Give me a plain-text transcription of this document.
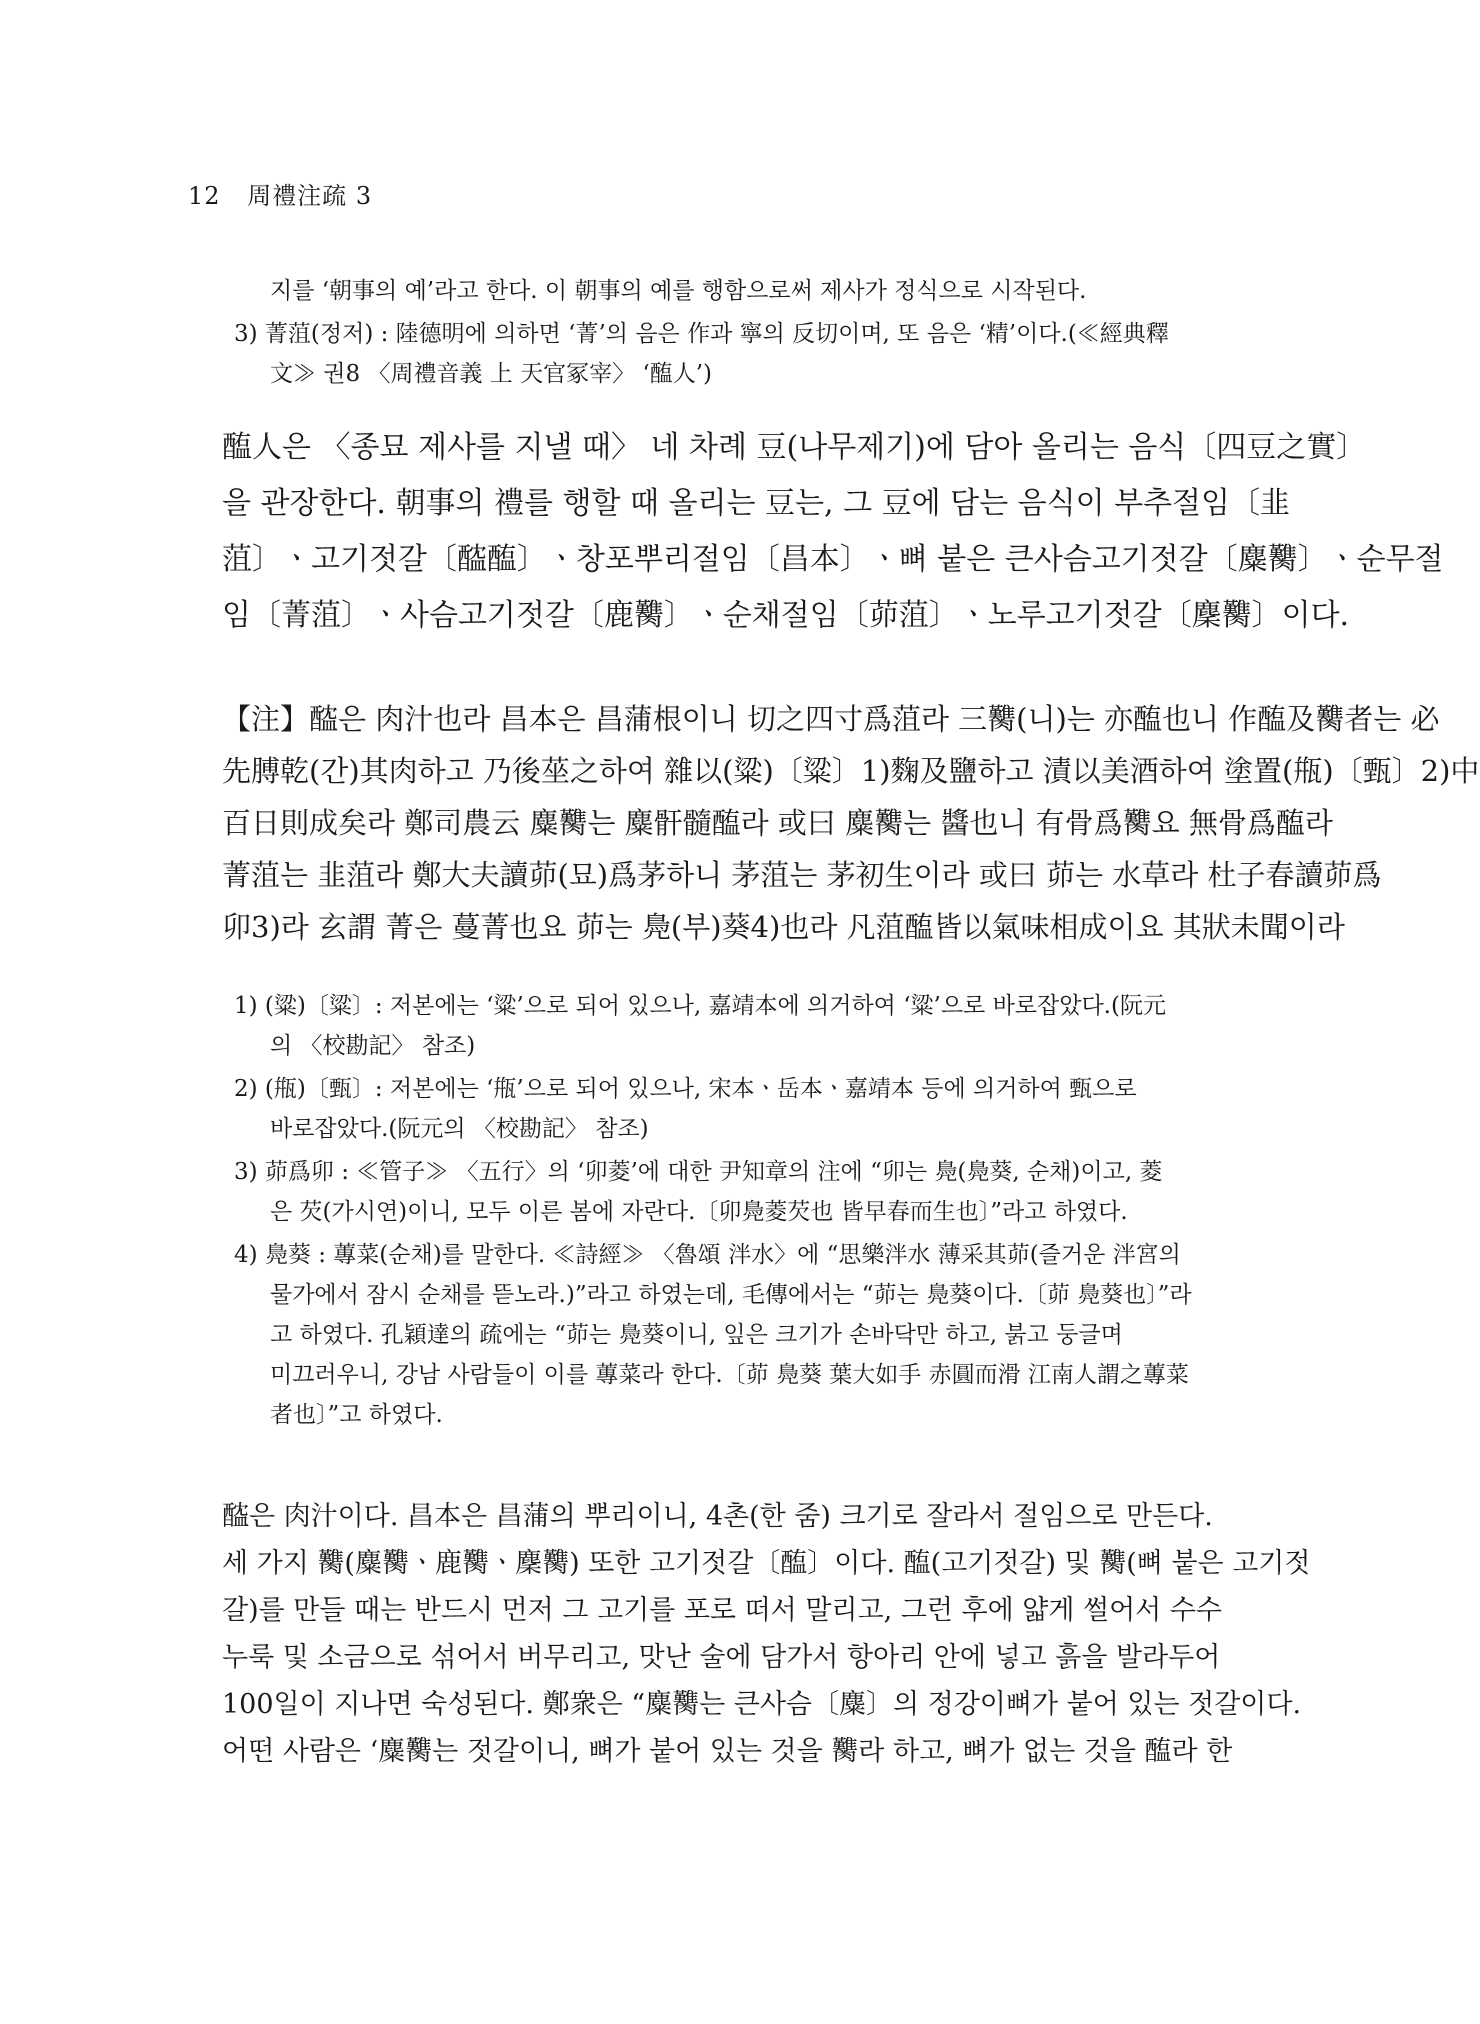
12 周禮注疏 3
지를 ‘朝事의 예’라고 한다. 이 朝事의 예를 행함으로써 제사가 정식으로 시작된다.
3) 菁菹(정저) : 陸德明에 의하면 ‘菁’의 음은 作과 寧의 反切이며, 또 음은 ‘精’이다.(≪經典釋
文≫ 권8 〈周禮音義 上 天官冢宰〉 ‘醢人’)
醢人은 〈종묘 제사를 지낼 때〉 네 차례 豆(나무제기)에 담아 올리는 음식〔四豆之實〕
을 관장한다. 朝事의 禮를 행할 때 올리는 豆는, 그 豆에 담는 음식이 부추절임〔韭
菹〕ㆍ고기젓갈〔醓醢〕ㆍ창포뿌리절임〔昌本〕ㆍ뼈 붙은 큰사슴고기젓갈〔麋臡〕ㆍ순무절
임〔菁菹〕ㆍ사슴고기젓갈〔鹿臡〕ㆍ순채절임〔茆菹〕ㆍ노루고기젓갈〔麇臡〕이다.
【注】醓은 肉汁也라 昌本은 昌蒲根이니 切之四寸爲菹라 三臡(니)는 亦醢也니 作醢及臡者는 必
先膊乾(간)其肉하고 乃後莝之하여 雜以(粱)〔粱〕1)麴及鹽하고 漬以美酒하여 塗置(甁)〔甄〕2)中
百日則成矣라 鄭司農云 麋臡는 麋骭髓醢라 或曰 麋臡는 醬也니 有骨爲臡요 無骨爲醢라
菁菹는 韭菹라 鄭大夫讀茆(묘)爲茅하니 茅菹는 茅初生이라 或曰 茆는 水草라 杜子春讀茆爲
卯3)라 玄謂 菁은 蔓菁也요 茆는 鳧(부)葵4)也라 凡菹醢皆以氣味相成이요 其狀未聞이라
1) (粱)〔粱〕: 저본에는 ‘粱’으로 되어 있으나, 嘉靖本에 의거하여 ‘粱’으로 바로잡았다.(阮元
의 〈校勘記〉 참조)
2) (甁)〔甄〕: 저본에는 ‘甁’으로 되어 있으나, 宋本ㆍ岳本ㆍ嘉靖本 등에 의거하여 甄으로
바로잡았다.(阮元의 〈校勘記〉 참조)
3) 茆爲卯 : ≪管子≫ 〈五行〉의 ‘卯菱’에 대한 尹知章의 注에 “卯는 鳧(鳧葵, 순채)이고, 菱
은 芡(가시연)이니, 모두 이른 봄에 자란다.〔卯鳧菱芡也 皆早春而生也〕”라고 하였다.
4) 鳧葵 : 蓴菜(순채)를 말한다. ≪詩經≫ 〈魯頌 泮水〉에 “思樂泮水 薄采其茆(즐거운 泮宮의
물가에서 잠시 순채를 뜯노라.)”라고 하였는데, 毛傳에서는 “茆는 鳧葵이다.〔茆 鳧葵也〕”라
고 하였다. 孔穎達의 疏에는 “茆는 鳧葵이니, 잎은 크기가 손바닥만 하고, 붉고 둥글며
미끄러우니, 강남 사람들이 이를 蓴菜라 한다.〔茆 鳧葵 葉大如手 赤圓而滑 江南人謂之蓴菜
者也〕”고 하였다.
醓은 肉汁이다. 昌本은 昌蒲의 뿌리이니, 4촌(한 줌) 크기로 잘라서 절임으로 만든다.
세 가지 臡(麋臡ㆍ鹿臡ㆍ麇臡) 또한 고기젓갈〔醢〕이다. 醢(고기젓갈) 및 臡(뼈 붙은 고기젓
갈)를 만들 때는 반드시 먼저 그 고기를 포로 떠서 말리고, 그런 후에 얇게 썰어서 수수
누룩 및 소금으로 섞어서 버무리고, 맛난 술에 담가서 항아리 안에 넣고 흙을 발라두어
100일이 지나면 숙성된다. 鄭衆은 “麋臡는 큰사슴〔麋〕의 정강이뼈가 붙어 있는 젓갈이다.
어떤 사람은 ‘麋臡는 젓갈이니, 뼈가 붙어 있는 것을 臡라 하고, 뼈가 없는 것을 醢라 한
